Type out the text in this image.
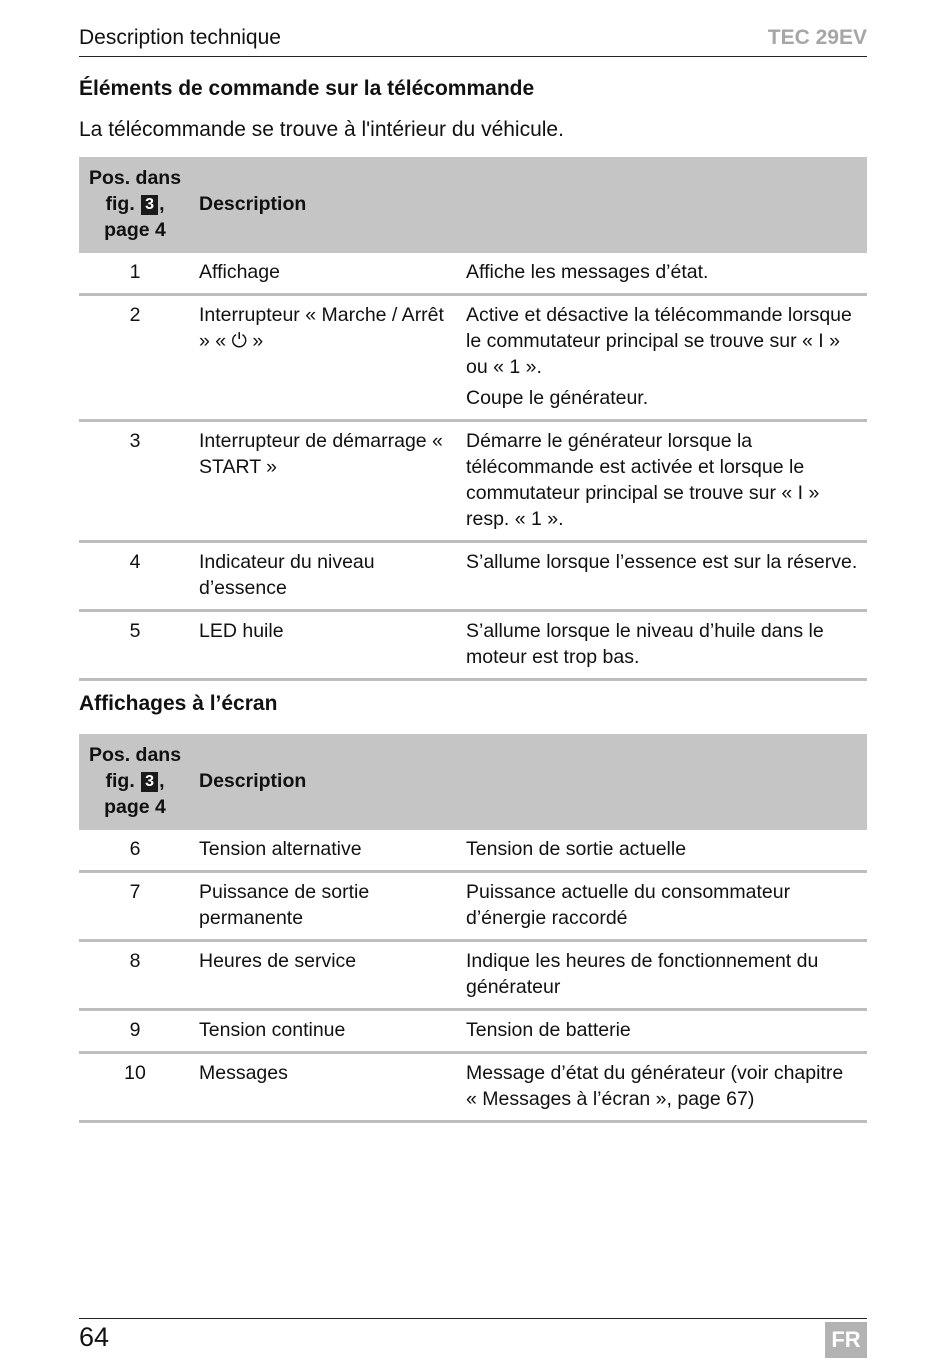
Description technique	TEC 29EV
Éléments de commande sur la télécommande

La télécommande se trouve à l'intérieur du véhicule.

Pos. dans
fig. 3 ,
page 4	Description	
1	Affichage	Affiche les messages d’état.

2	Interrupteur « Marche / Arrêt » « ⏻ »	Active et désactive la télécommande lorsque le commutateur principal se trouve sur « I » ou « 1 ».
Coupe le générateur.

3	Interrupteur de démarrage « START »	Démarre le générateur lorsque la télécommande est activée et lorsque le commutateur principal se trouve sur « I » resp. « 1 ».

4	Indicateur du niveau d’essence	S’allume lorsque l’essence est sur la réserve.

5	LED huile	S’allume lorsque le niveau d’huile dans le moteur est trop bas.
Affichages à l’écran
Pos. dans
fig. 3 ,
page 4	Description	
6	Tension alternative	Tension de sortie actuelle
7	Puissance de sortie permanente	Puissance actuelle du consommateur d’énergie raccordé
8	Heures de service	Indique les heures de fonctionnement du générateur
9	Tension continue	Tension de batterie
10	Messages	Message d’état du générateur (voir chapitre « Messages à l’écran », page 67)
64	FR
